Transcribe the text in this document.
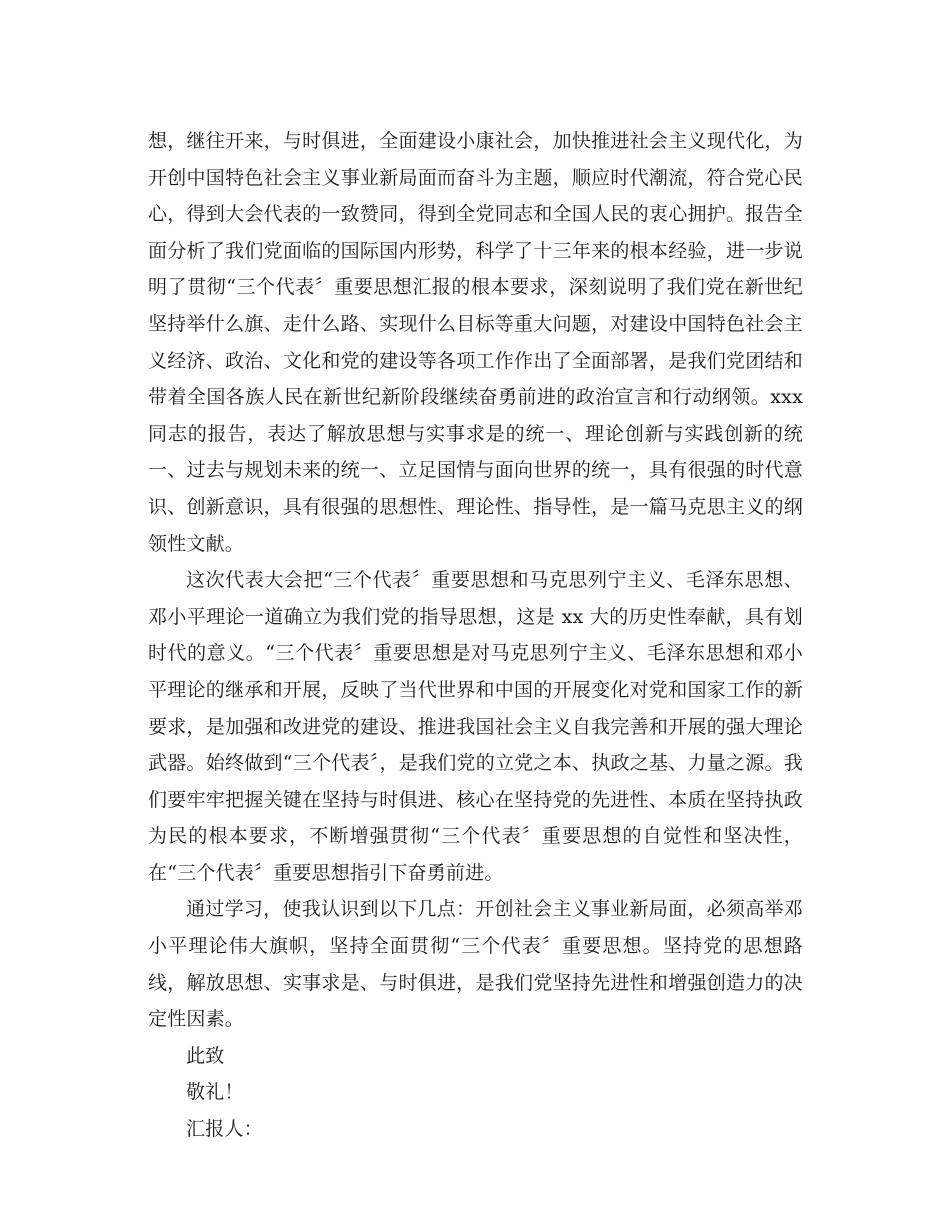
想，继往开来，与时俱进，全面建设小康社会，加快推进社会主义现代化，为开创中国特色社会主义事业新局面而奋斗为主题，顺应时代潮流，符合党心民心，得到大会代表的一致赞同，得到全党同志和全国人民的衷心拥护。报告全面分析了我们党面临的国际国内形势，科学了十三年来的根本经验，进一步说明了贯彻“三个代表〞重要思想汇报的根本要求，深刻说明了我们党在新世纪坚持举什么旗、走什么路、实现什么目标等重大问题，对建设中国特色社会主义经济、政治、文化和党的建设等各项工作作出了全面部署，是我们党团结和带着全国各族人民在新世纪新阶段继续奋勇前进的政治宣言和行动纲领。xxx 同志的报告，表达了解放思想与实事求是的统一、理论创新与实践创新的统一、过去与规划未来的统一、立足国情与面向世界的统一，具有很强的时代意识、创新意识，具有很强的思想性、理论性、指导性，是一篇马克思主义的纲领性文献。

这次代表大会把“三个代表〞重要思想和马克思列宁主义、毛泽东思想、邓小平理论一道确立为我们党的指导思想，这是 xx 大的历史性奉献，具有划时代的意义。“三个代表〞重要思想是对马克思列宁主义、毛泽东思想和邓小平理论的继承和开展，反映了当代世界和中国的开展变化对党和国家工作的新要求，是加强和改进党的建设、推进我国社会主义自我完善和开展的强大理论武器。始终做到“三个代表〞，是我们党的立党之本、执政之基、力量之源。我们要牢牢把握关键在坚持与时俱进、核心在坚持党的先进性、本质在坚持执政为民的根本要求，不断增强贯彻“三个代表〞重要思想的自觉性和坚决性，在“三个代表〞重要思想指引下奋勇前进。

通过学习，使我认识到以下几点：开创社会主义事业新局面，必须高举邓小平理论伟大旗帜，坚持全面贯彻“三个代表〞重要思想。坚持党的思想路线，解放思想、实事求是、与时俱进，是我们党坚持先进性和增强创造力的决定性因素。

此致

敬礼！

汇报人：
